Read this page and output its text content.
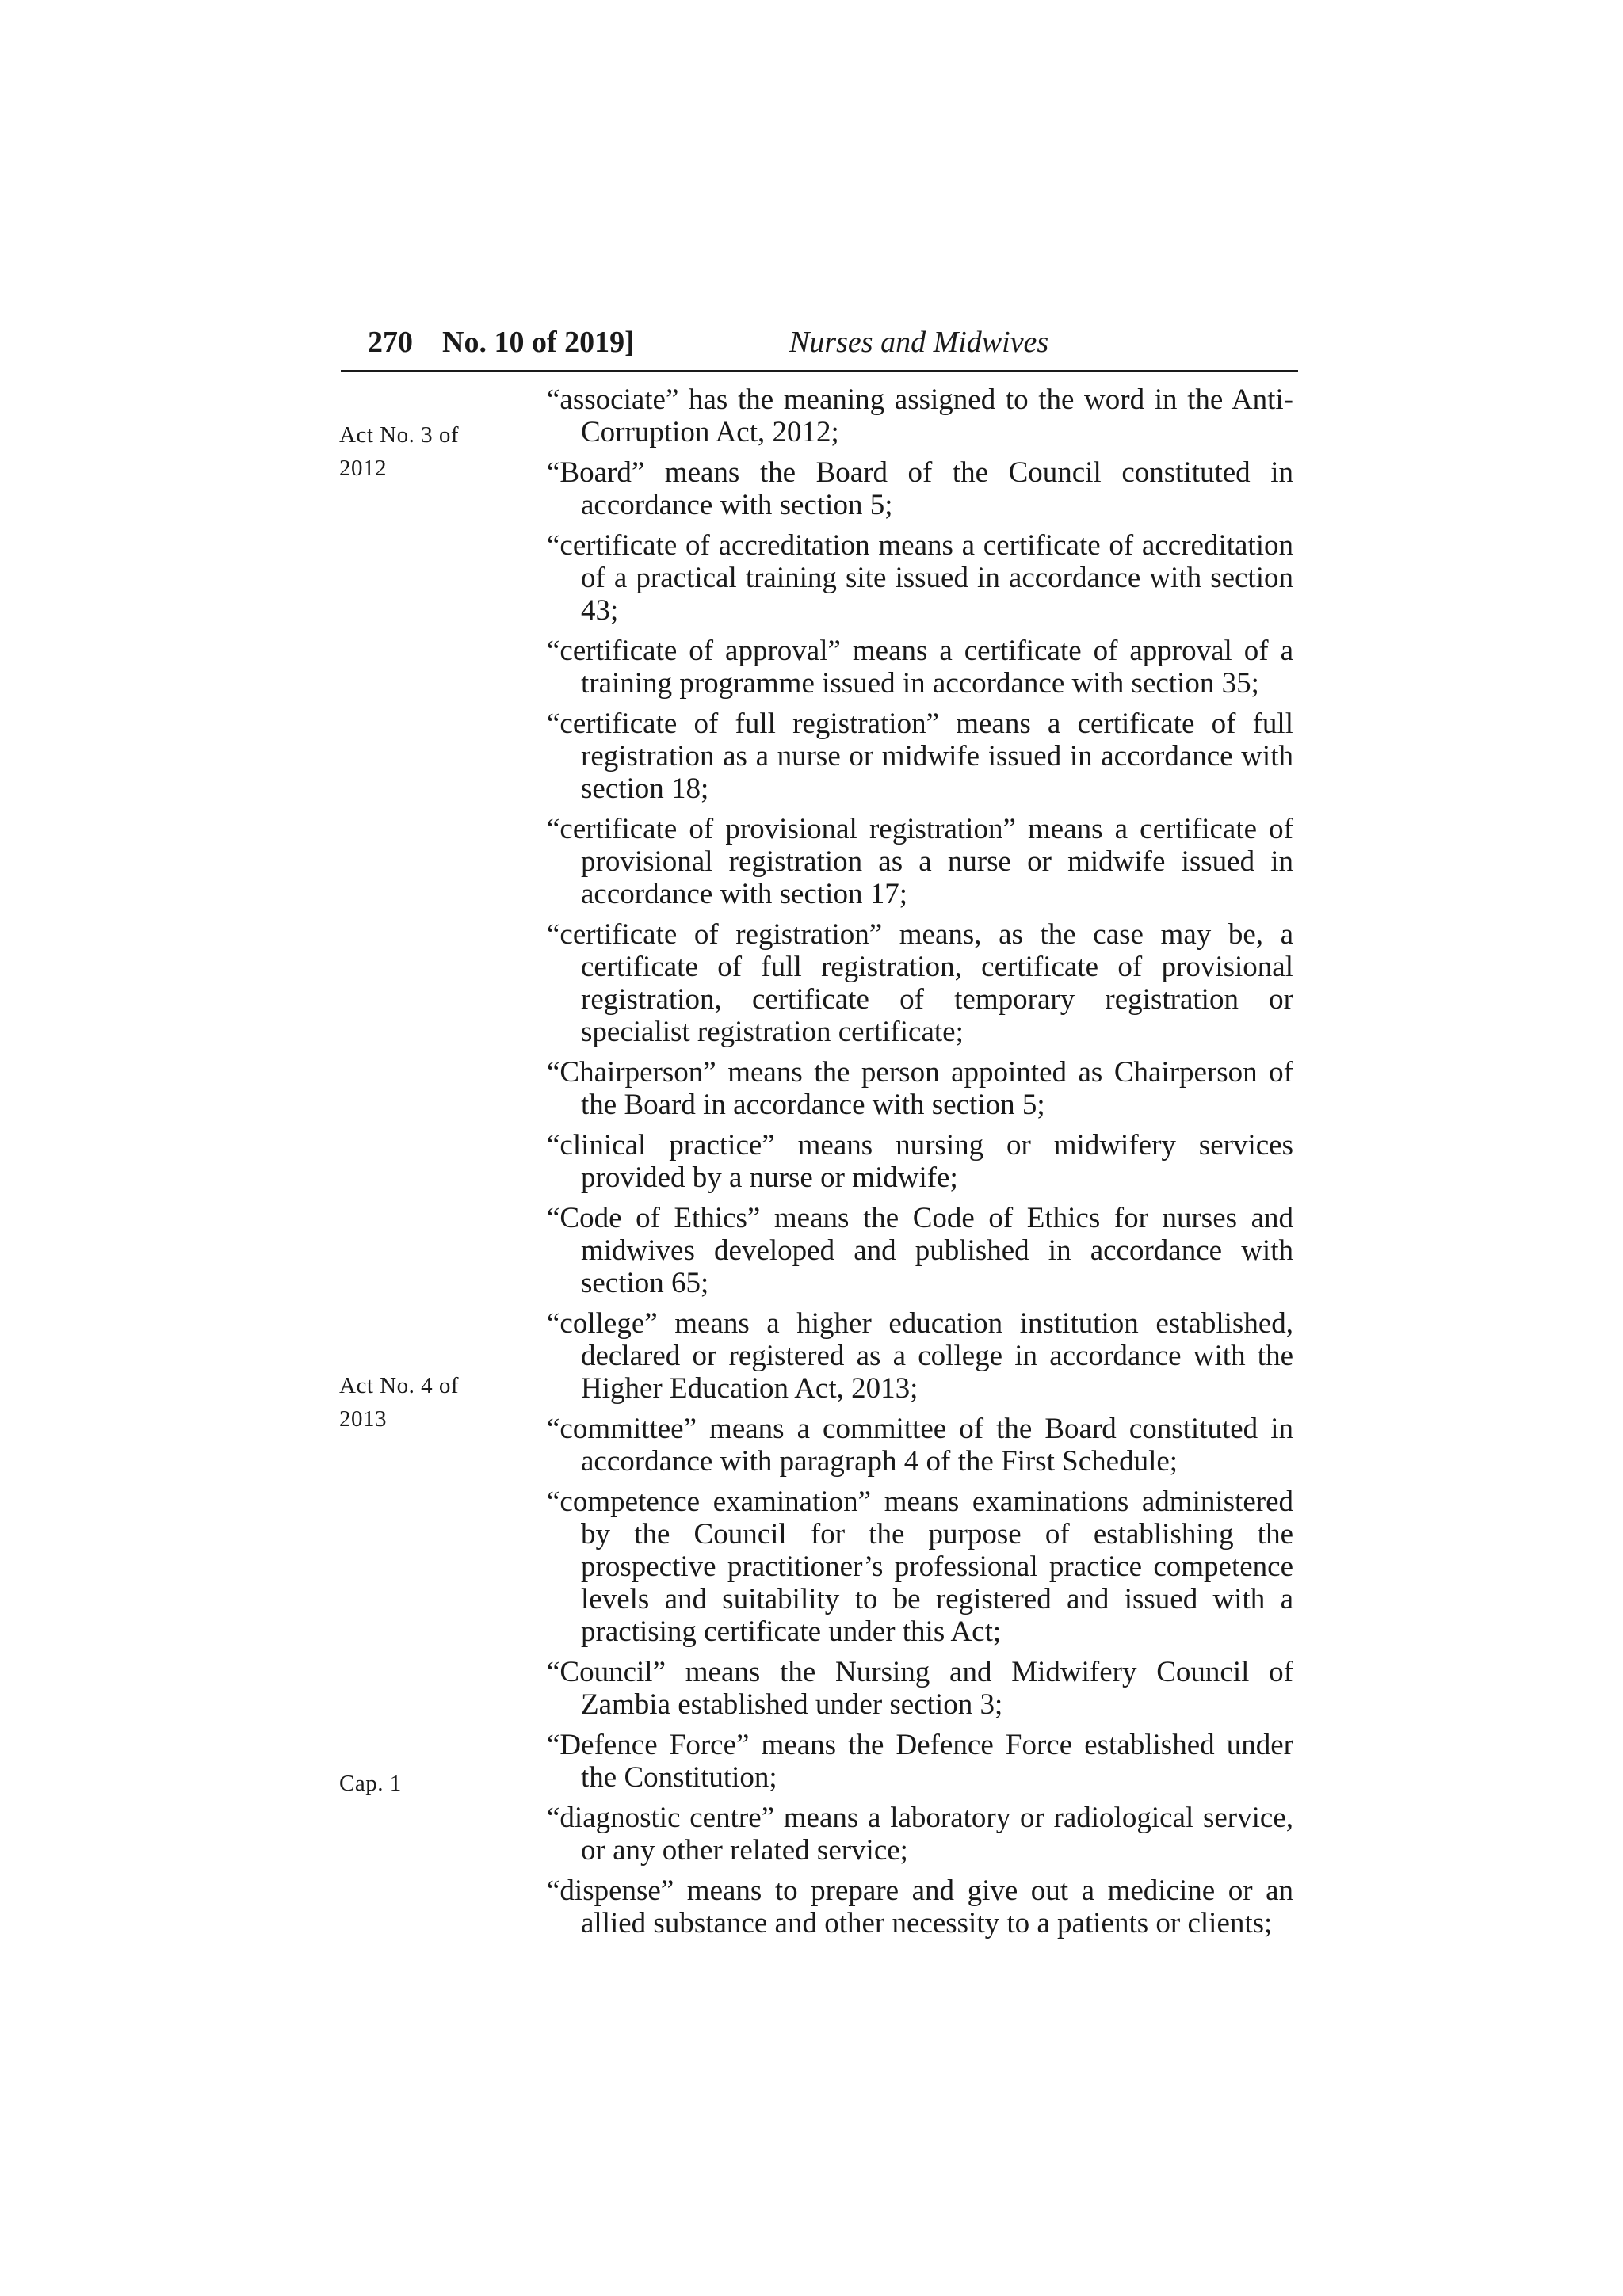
270 No. 10 of 2019]	Nurses and Midwives
Act No. 3 of
2012
Act No. 4 of
2013
Cap. 1
“associate” has the meaning assigned to the word in the Anti-Corruption Act, 2012;
“Board” means the Board of the Council constituted in accordance with section 5;
“certificate of accreditation means a certificate of accreditation of a practical training site issued in accordance with section 43;
“certificate of approval” means a certificate of approval of a training programme issued in accordance with section 35;
“certificate of full registration” means a certificate of full registration as a nurse or midwife issued in accordance with section 18;
“certificate of provisional registration” means a certificate of provisional registration as a nurse or midwife issued in accordance with section 17;
“certificate of registration” means, as the case may be, a certificate of full registration, certificate of provisional registration, certificate of temporary registration or specialist registration certificate;
“Chairperson” means the person appointed as Chairperson of the Board in accordance with section 5;
“clinical practice” means nursing or midwifery services provided by a nurse or midwife;
“Code of Ethics” means the Code of Ethics for nurses and midwives developed and published in accordance with section 65;
“college” means a higher education institution established, declared or registered as a college in accordance with the Higher Education Act, 2013;
“committee” means a committee of the Board constituted in accordance with paragraph 4 of the First Schedule;
“competence examination” means examinations administered by the Council for the purpose of establishing the prospective practitioner’s professional practice competence levels and suitability to be registered and issued with a practising certificate under this Act;
“Council” means the Nursing and Midwifery Council of Zambia established under section 3;
“Defence Force” means the Defence Force established under the Constitution;
“diagnostic centre” means a laboratory or radiological service, or any other related service;
“dispense” means to prepare and give out a medicine or an allied substance and other necessity to a patients or clients;
